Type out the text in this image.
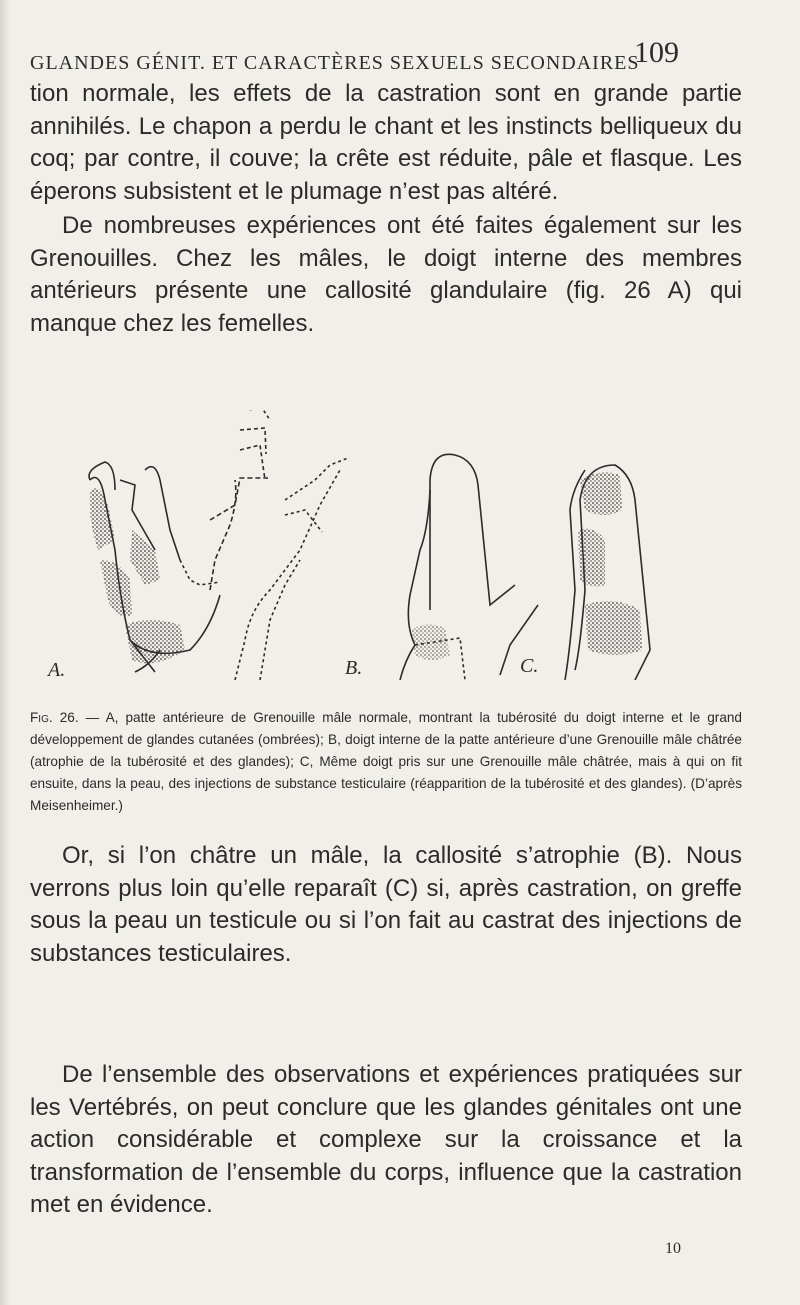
GLANDES GÉNIT. ET CARACTÈRES SEXUELS SECONDAIRES
109

tion normale, les effets de la castration sont en grande partie annihilés. Le chapon a perdu le chant et les instincts belliqueux du coq; par contre, il couve; la crête est réduite, pâle et flasque. Les éperons subsistent et le plumage n’est pas altéré.

De nombreuses expériences ont été faites également sur les Grenouilles. Chez les mâles, le doigt interne des membres antérieurs présente une callosité glandulaire (fig. 26 A) qui manque chez les femelles.

A.	B.	C.

Fig. 26. — A, patte antérieure de Grenouille mâle normale, montrant la tubérosité du doigt interne et le grand développement de glandes cutanées (ombrées); B, doigt interne de la patte antérieure d’une Grenouille mâle châtrée (atrophie de la tubérosité et des glandes); C, Même doigt pris sur une Grenouille mâle châtrée, mais à qui on fit ensuite, dans la peau, des injections de substance testiculaire (réapparition de la tubérosité et des glandes). (D’après Meisenheimer.)

Or, si l’on châtre un mâle, la callosité s’atrophie (B). Nous verrons plus loin qu’elle reparaît (C) si, après castration, on greffe sous la peau un testicule ou si l’on fait au castrat des injections de substances testiculaires.

De l’ensemble des observations et expériences pratiquées sur les Vertébrés, on peut conclure que les glandes génitales ont une action considérable et complexe sur la croissance et la transformation de l’ensemble du corps, influence que la castration met en évidence.

10
